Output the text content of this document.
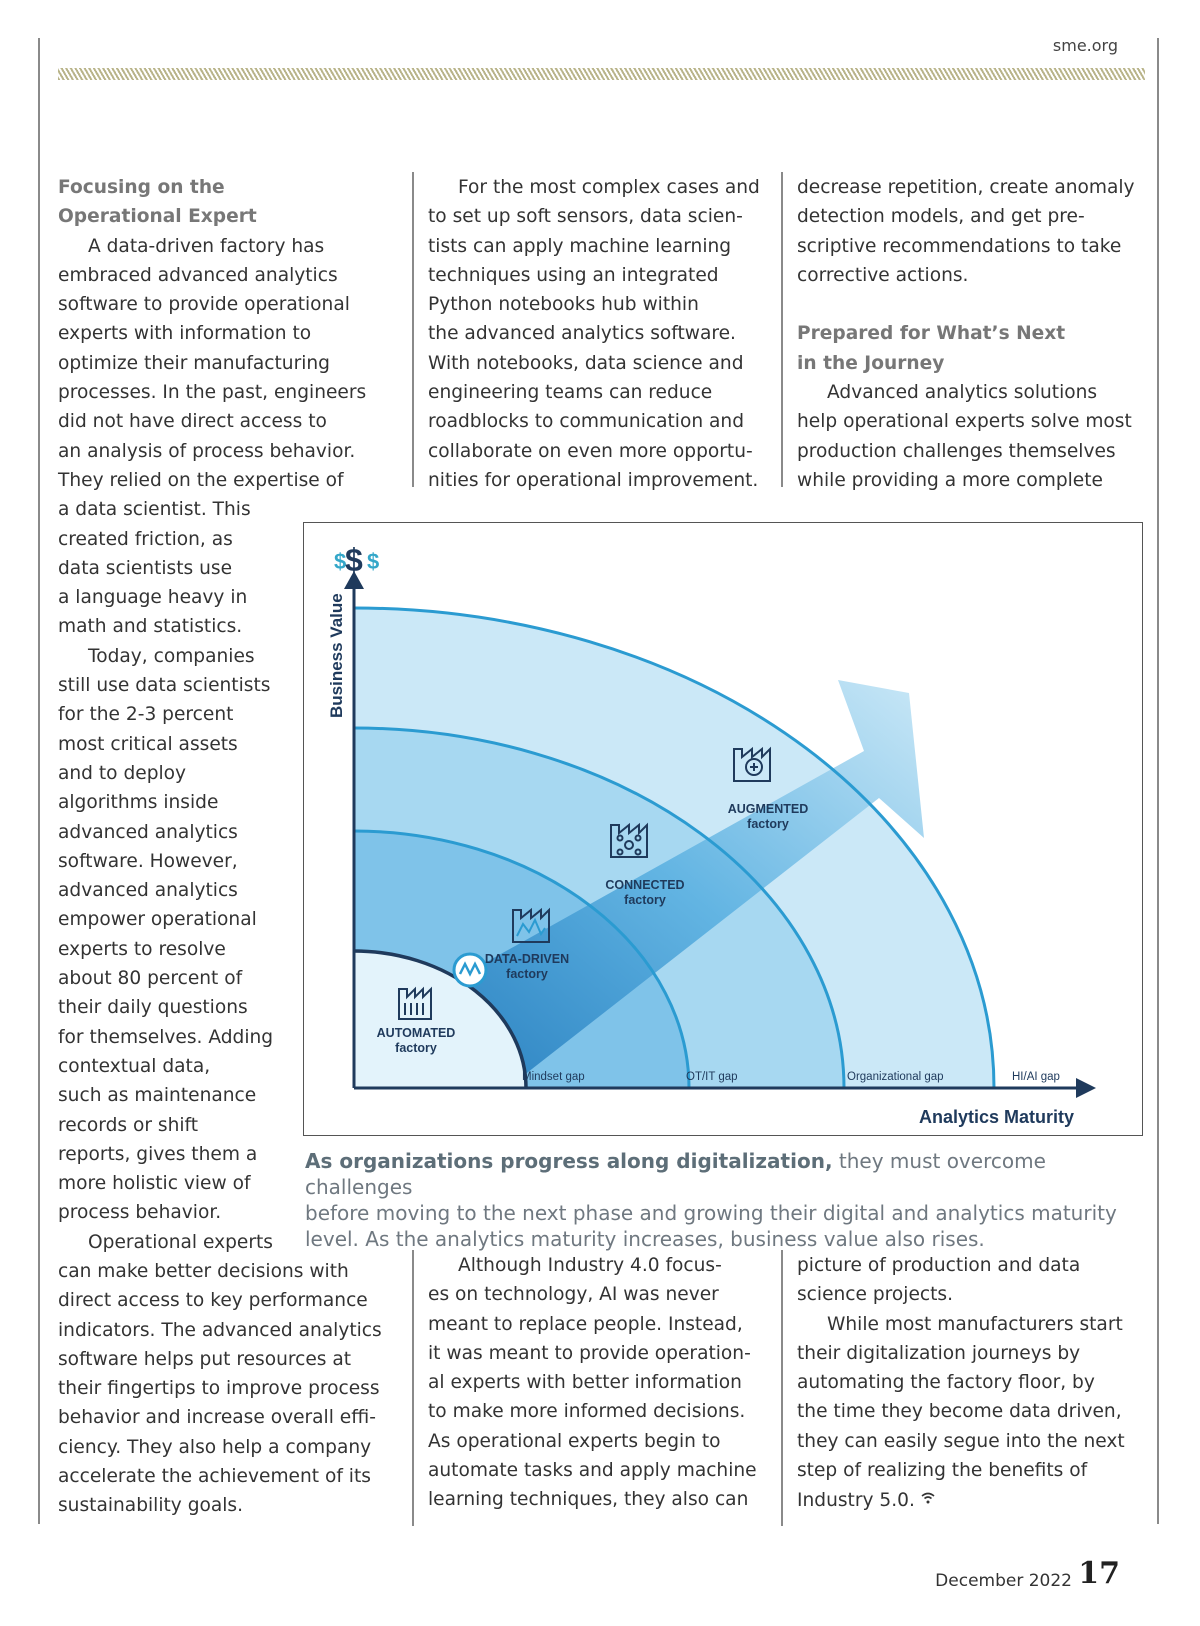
sme.org

Focusing on the

Operational Expert

A data-driven factory has

embraced advanced analytics

software to provide operational

experts with information to

optimize their manufacturing

processes. In the past, engineers

did not have direct access to

an analysis of process behavior.

They relied on the expertise of

a data scientist. This

created friction, as

data scientists use

a language heavy in

math and statistics.

Today, companies

still use data scientists

for the 2-3 percent

most critical assets

and to deploy

algorithms inside

advanced analytics

software. However,

advanced analytics

empower operational

experts to resolve

about 80 percent of

their daily questions

for themselves. Adding

contextual data,

such as maintenance

records or shift

reports, gives them a

more holistic view of

process behavior.

Operational experts

can make better decisions with

direct access to key performance

indicators. The advanced analytics

software helps put resources at

their fingertips to improve process

behavior and increase overall effi-

ciency. They also help a company

accelerate the achievement of its

sustainability goals.

For the most complex cases and

to set up soft sensors, data scien-

tists can apply machine learning

techniques using an integrated

Python notebooks hub within

the advanced analytics software.

With notebooks, data science and

engineering teams can reduce

roadblocks to communication and

collaborate on even more opportu-

nities for operational improvement.

decrease repetition, create anomaly

detection models, and get pre-

scriptive recommendations to take

corrective actions.

Prepared for What’s Next

in the Journey

Advanced analytics solutions

help operational experts solve most

production challenges themselves

while providing a more complete

$
$ $
Business Value
Analytics Maturity
Mindset gap	OT/IT gap	Organizational gap	HI/AI gap
AUTOMATED
factory
DATA-DRIVEN
factory
CONNECTED
factory
AUGMENTED
factory
As organizations progress along digitalization, they must overcome challenges
before moving to the next phase and growing their digital and analytics maturity
level. As the analytics maturity increases, business value also rises.

Although Industry 4.0 focus-

es on technology, AI was never

meant to replace people. Instead,

it was meant to provide operation-

al experts with better information

to make more informed decisions.

As operational experts begin to

automate tasks and apply machine

learning techniques, they also can

picture of production and data

science projects.

While most manufacturers start

their digitalization journeys by

automating the factory floor, by

the time they become data driven,

they can easily segue into the next

step of realizing the benefits of

Industry 5.0.

December 2022 17
